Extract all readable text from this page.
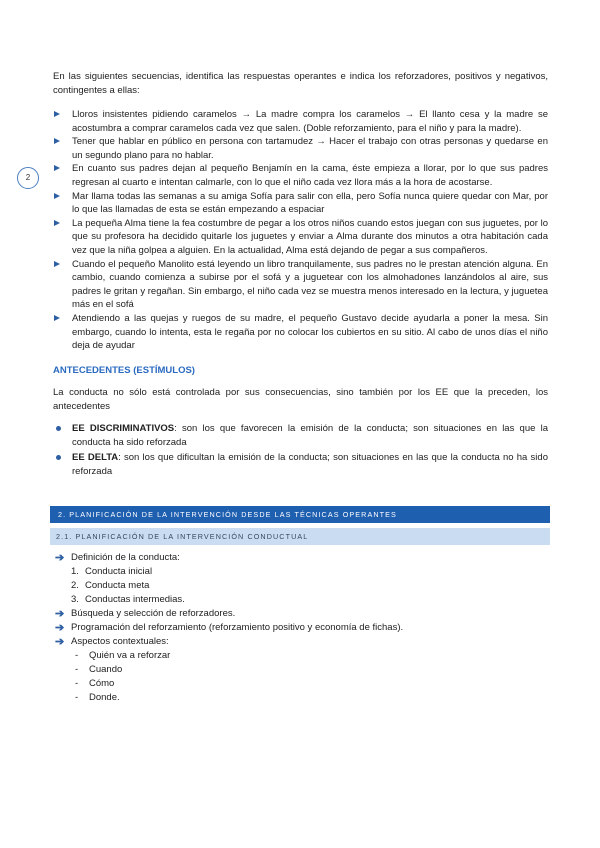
2

En las siguientes secuencias, identifica las respuestas operantes e indica los reforzadores, positivos y negativos, contingentes a ellas:

Lloros insistentes pidiendo caramelos → La madre compra los caramelos → El llanto cesa y la madre se acostumbra a comprar caramelos cada vez que salen. (Doble reforzamiento, para el niño y para la madre).
Tener que hablar en público en persona con tartamudez → Hacer el trabajo con otras personas y quedarse en un segundo plano para no hablar.
En cuanto sus padres dejan al pequeño Benjamín en la cama, éste empieza a llorar, por lo que sus padres regresan al cuarto e intentan calmarle, con lo que el niño cada vez llora más a la hora de acostarse.
Mar llama todas las semanas a su amiga Sofía para salir con ella, pero Sofía nunca quiere quedar con Mar, por lo que las llamadas de esta se están empezando a espaciar
La pequeña Alma tiene la fea costumbre de pegar a los otros niños cuando estos juegan con sus juguetes, por lo que su profesora ha decidido quitarle los juguetes y enviar a Alma durante dos minutos a otra habitación cada vez que la niña golpea a alguien. En la actualidad, Alma está dejando de pegar a sus compañeros.
Cuando el pequeño Manolito está leyendo un libro tranquilamente, sus padres no le prestan atención alguna. En cambio, cuando comienza a subirse por el sofá y a juguetear con los almohadones lanzándolos al aire, sus padres le gritan y regañan. Sin embargo, el niño cada vez se muestra menos interesado en la lectura, y juguetea más en el sofá
Atendiendo a las quejas y ruegos de su madre, el pequeño Gustavo decide ayudarla a poner la mesa. Sin embargo, cuando lo intenta, esta le regaña por no colocar los cubiertos en su sitio. Al cabo de unos días el niño deja de ayudar
ANTECEDENTES (ESTÍMULOS)

La conducta no sólo está controlada por sus consecuencias, sino también por los EE que la preceden, los antecedentes

EE DISCRIMINATIVOS: son los que favorecen la emisión de la conducta; son situaciones en las que la conducta ha sido reforzada
EE DELTA: son los que dificultan la emisión de la conducta; son situaciones en las que la conducta no ha sido reforzada
2. PLANIFICACIÓN DE LA INTERVENCIÓN DESDE LAS TÉCNICAS OPERANTES
2.1. PLANIFICACIÓN DE LA INTERVENCIÓN CONDUCTUAL
➔ Definición de la conducta:
1. Conducta inicial
2. Conducta meta
3. Conductas intermedias.
➔ Búsqueda y selección de reforzadores.
➔ Programación del reforzamiento (reforzamiento positivo y economía de fichas).
➔ Aspectos contextuales:
- Quién va a reforzar
- Cuando
- Cómo
- Donde.
